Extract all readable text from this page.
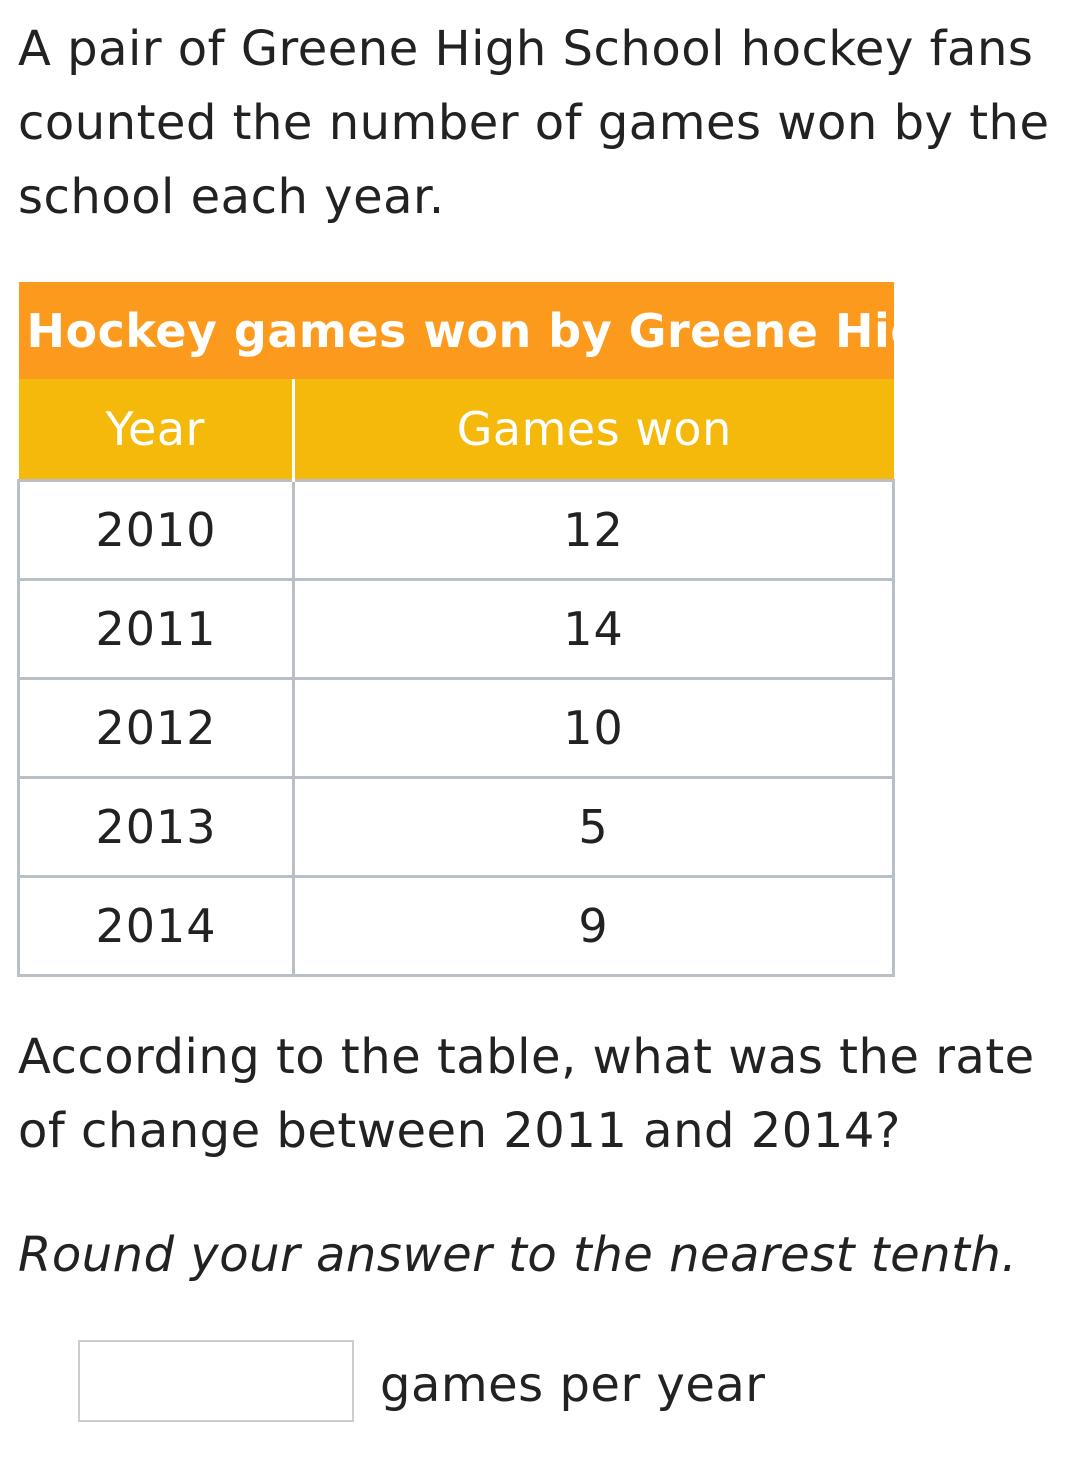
A pair of Greene High School hockey fans counted the number of games won by the school each year.

Hockey games won by Greene High	
Year	Games won
2010	12
2011	14
2012	10
2013	5
2014	9

According to the table, what was the rate of change between 2011 and 2014?

Round your answer to the nearest tenth.

games per year
